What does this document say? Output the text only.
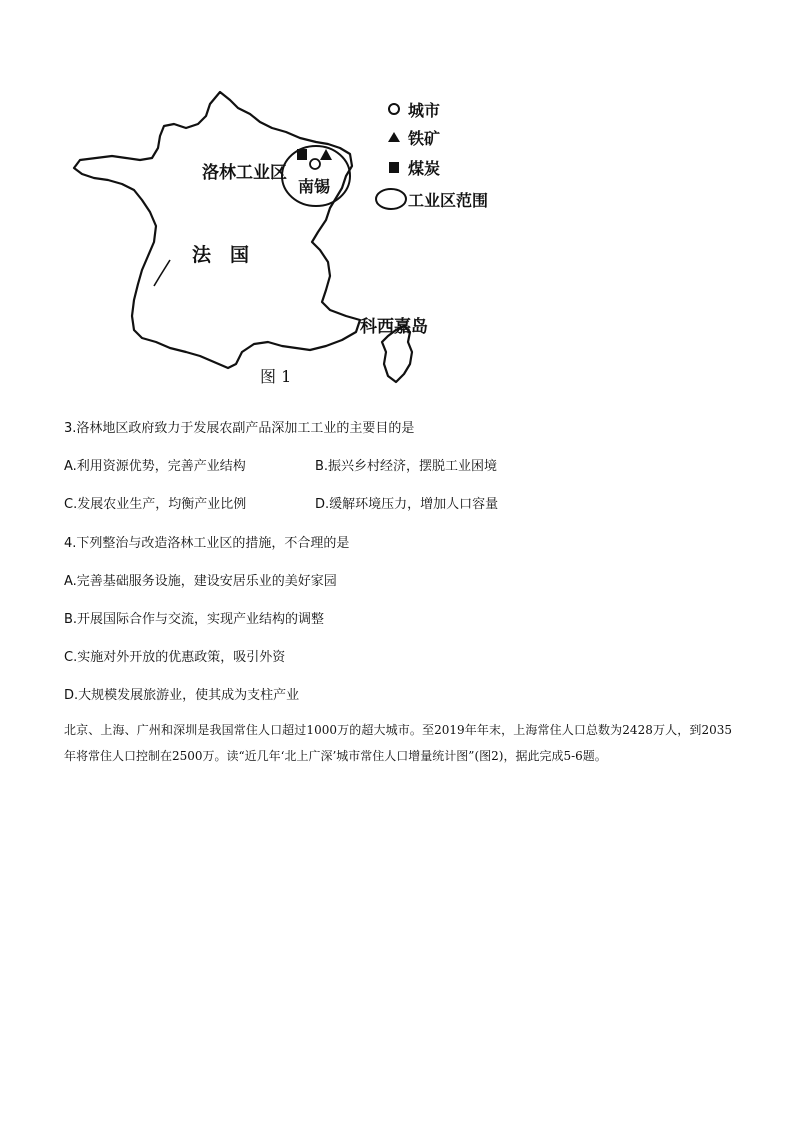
洛林工业区
南锡
法　国
科西嘉岛
图 1
城市
铁矿
煤炭
工业区范围
3.洛林地区政府致力于发展农副产品深加工工业的主要目的是
A.利用资源优势，完善产业结构	B.振兴乡村经济，摆脱工业困境
C.发展农业生产，均衡产业比例	D.缓解环境压力，增加人口容量
4.下列整治与改造洛林工业区的措施，不合理的是
A.完善基础服务设施，建设安居乐业的美好家园
B.开展国际合作与交流，实现产业结构的调整
C.实施对外开放的优惠政策，吸引外资
D.大规模发展旅游业，使其成为支柱产业
北京、上海、广州和深圳是我国常住人口超过1000万的超大城市。至2019年年末，上海常住人口总数为2428万人，到2035年将常住人口控制在2500万。读“近几年‘北上广深’城市常住人口增量统计图”(图2)，据此完成5-6题。
